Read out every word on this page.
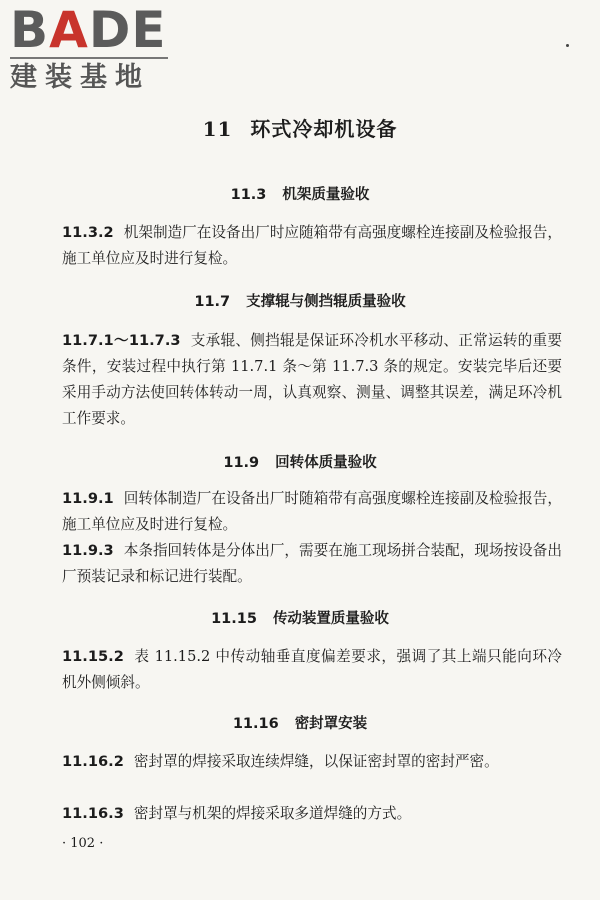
BADE
建装基地
11 环式冷却机设备
11.3 机架质量验收
11.3.2 机架制造厂在设备出厂时应随箱带有高强度螺栓连接副及检验报告，施工单位应及时进行复检。
11.7 支撑辊与侧挡辊质量验收
11.7.1～11.7.3 支承辊、侧挡辊是保证环冷机水平移动、正常运转的重要条件，安装过程中执行第 11.7.1 条～第 11.7.3 条的规定。安装完毕后还要采用手动方法使回转体转动一周，认真观察、测量、调整其误差，满足环冷机工作要求。
11.9 回转体质量验收
11.9.1 回转体制造厂在设备出厂时随箱带有高强度螺栓连接副及检验报告，施工单位应及时进行复检。
11.9.3 本条指回转体是分体出厂，需要在施工现场拼合装配，现场按设备出厂预装记录和标记进行装配。
11.15 传动装置质量验收
11.15.2 表 11.15.2 中传动轴垂直度偏差要求，强调了其上端只能向环冷机外侧倾斜。
11.16 密封罩安装
11.16.2 密封罩的焊接采取连续焊缝，以保证密封罩的密封严密。
11.16.3 密封罩与机架的焊接采取多道焊缝的方式。
· 102 ·
